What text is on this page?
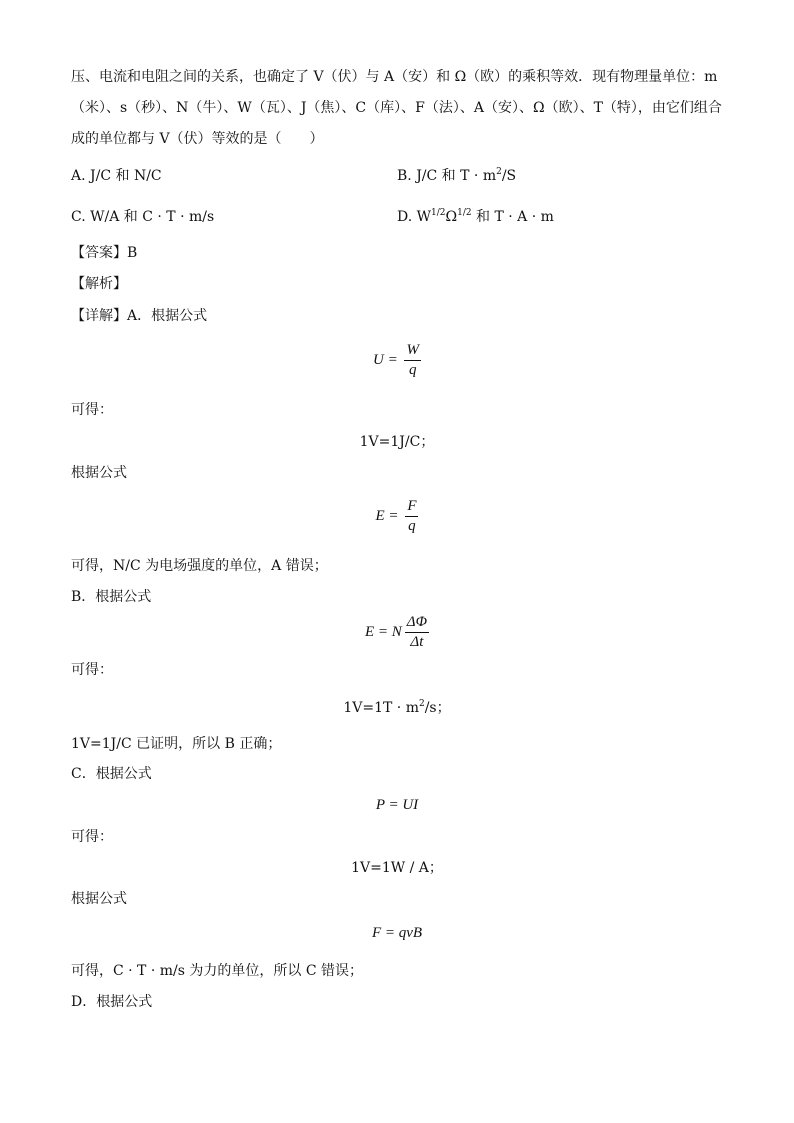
压、电流和电阻之间的关系，也确定了 V（伏）与 A（安）和 Ω（欧）的乘积等效．现有物理量单位：m
（米）、s（秒）、N（牛）、W（瓦）、J（焦）、C（库）、F（法）、A（安）、Ω（欧）、T（特），由它们组合
成的单位都与 V（伏）等效的是（　　）
A. J/C 和 N/C	B. J/C 和 $T \cdot m^2/S$
C. W/A 和 C · T · m/s	D. $W^{1/2}\Omega^{1/2}$ 和 T · A · m
【答案】B
【解析】
【详解】A．根据公式
$U = \frac{W}{q}$
可得：
1V=1J/C；
根据公式
$E = \frac{F}{q}$
可得，N/C 为电场强度的单位，A 错误；
B．根据公式
E = N $\frac{\Delta\Phi}{\Delta t}$
可得：
$1V=1T \cdot m^2/s$；
1V=1J/C 已证明，所以 B 正确；
C．根据公式
P = UI
可得：
1V=1W / A；
根据公式
F = qvB
可得，C · T · m/s 为力的单位，所以 C 错误；
D．根据公式
